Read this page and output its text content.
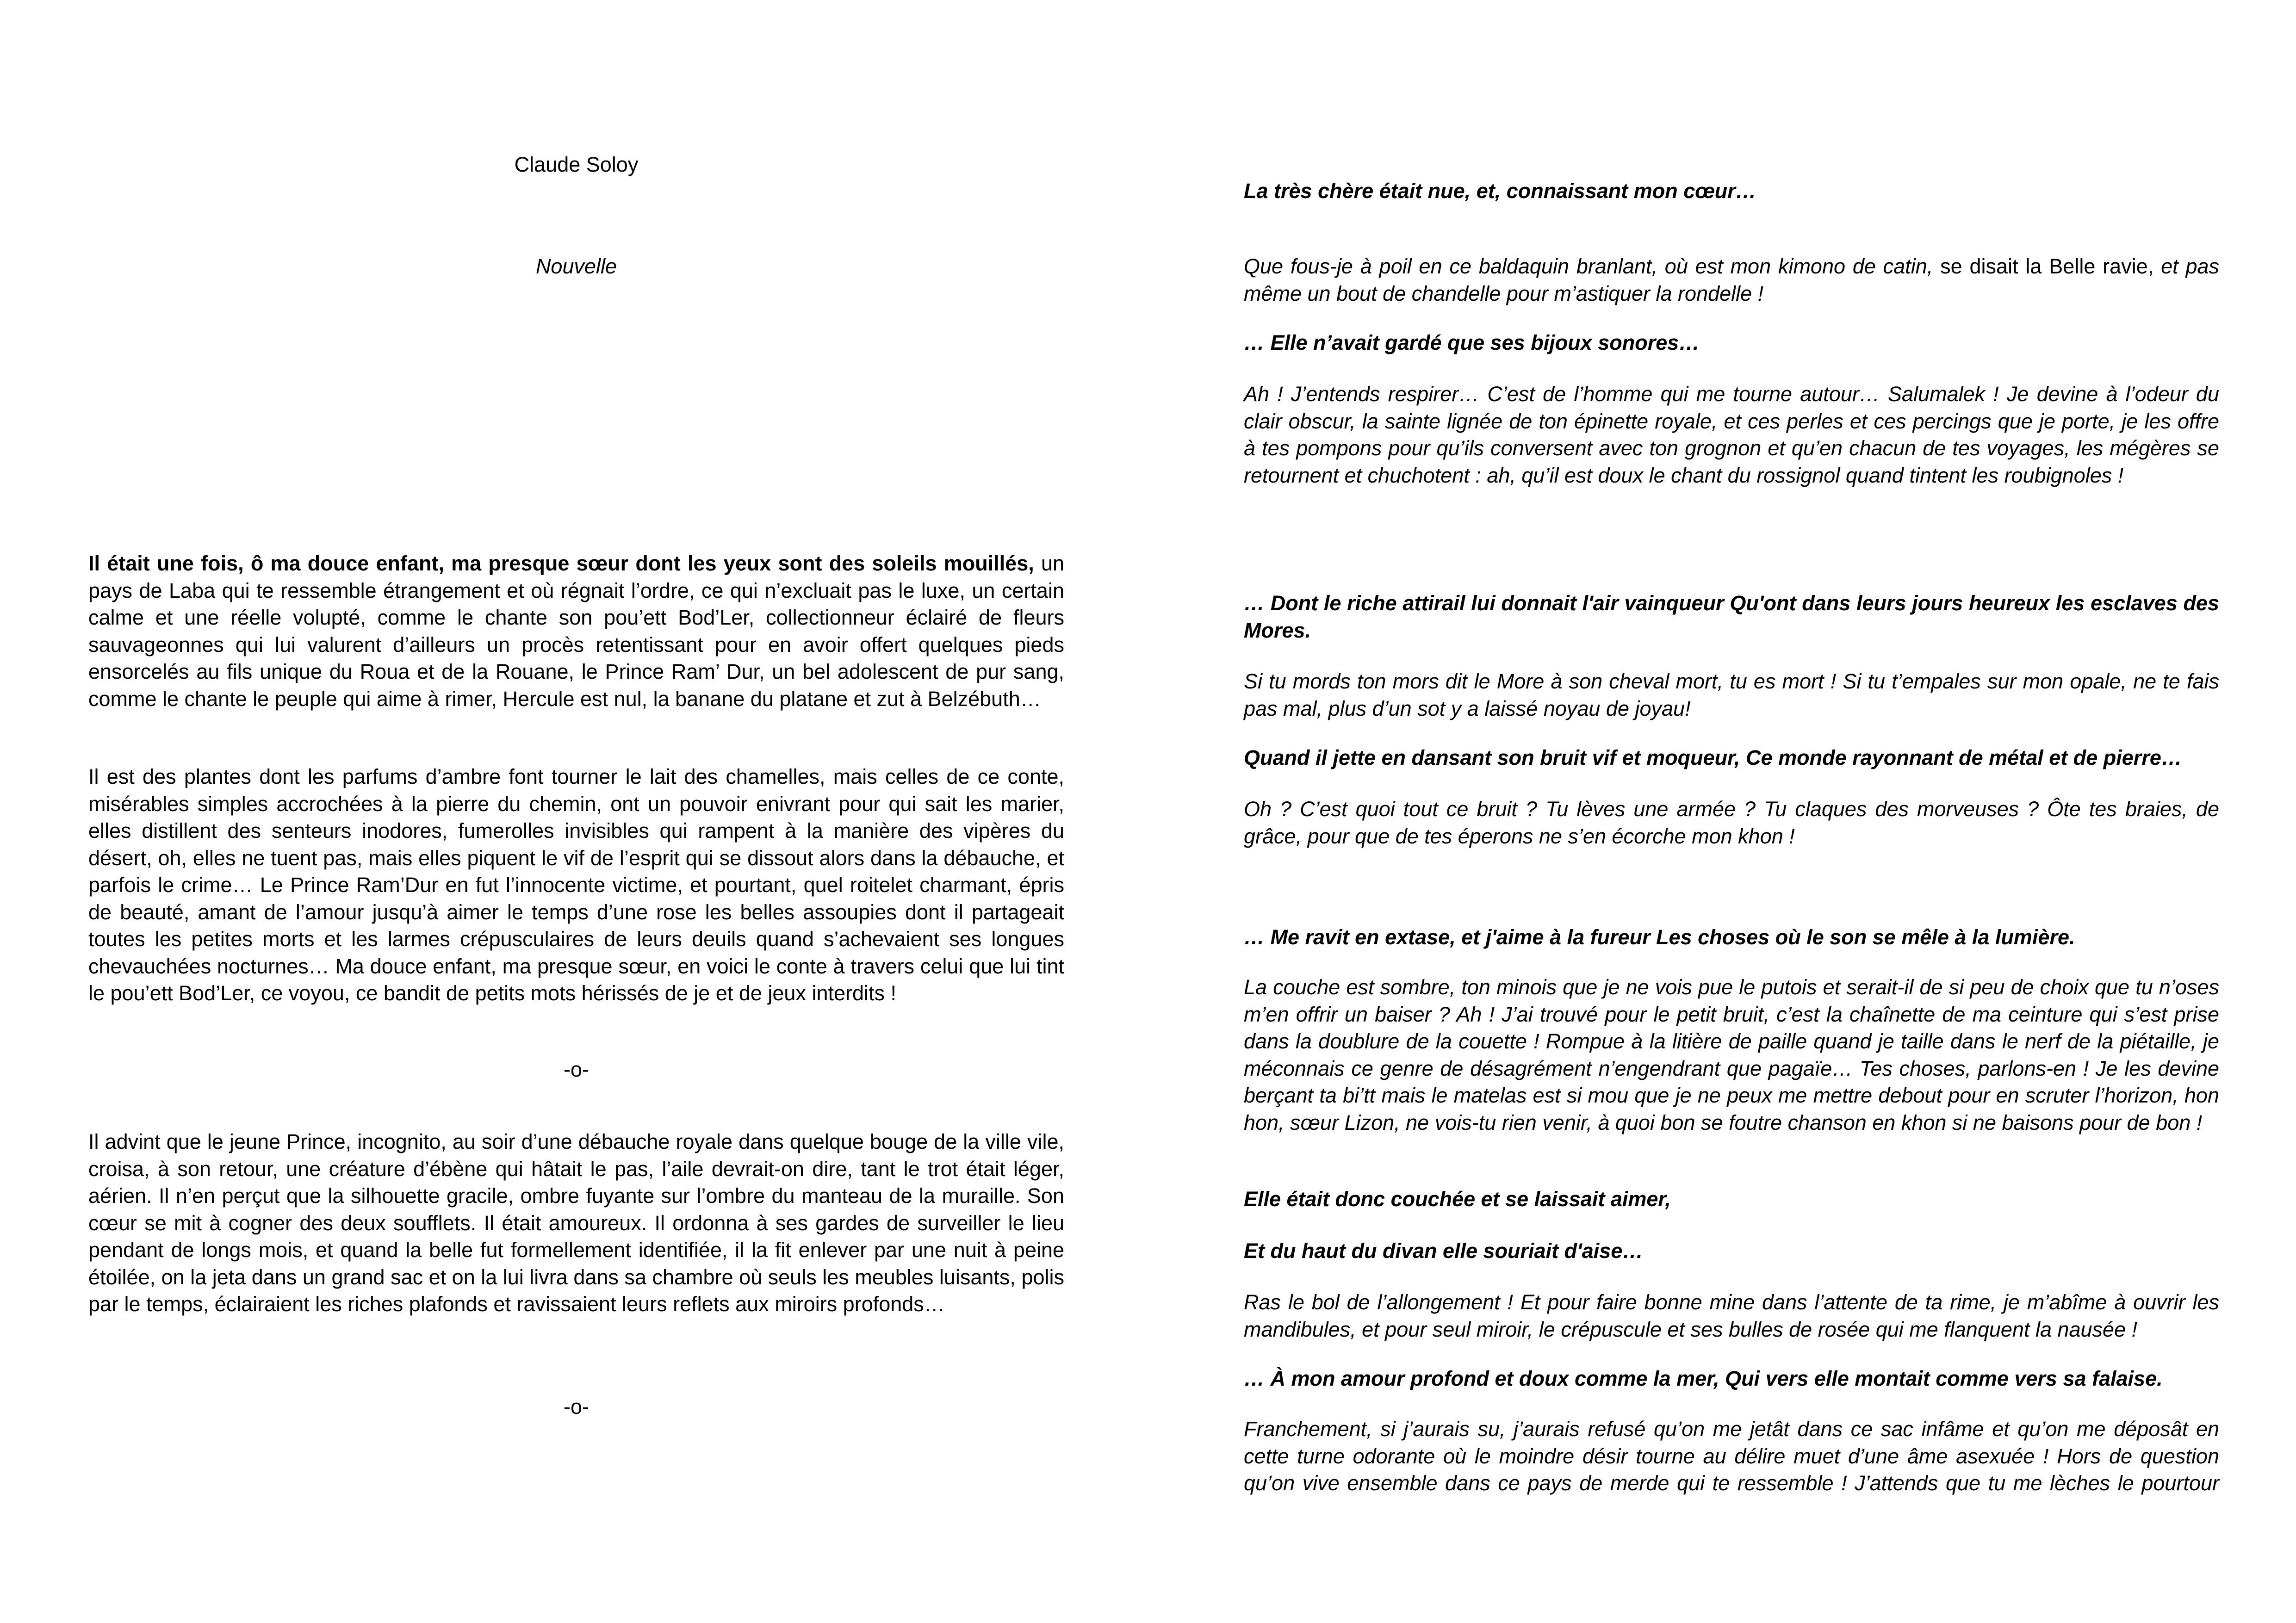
Claude Soloy

Nouvelle

Il était une fois, ô ma douce enfant, ma presque sœur dont les yeux sont des soleils mouillés, un pays de Laba qui te ressemble étrangement et où régnait l’ordre, ce qui n’excluait pas le luxe, un certain calme et une réelle volupté, comme le chante son pou’ett Bod’Ler, collectionneur éclairé de fleurs sauvageonnes qui lui valurent d’ailleurs un procès retentissant pour en avoir offert quelques pieds ensorcelés au fils unique du Roua et de la Rouane, le Prince Ram’ Dur, un bel adolescent de pur sang, comme le chante le peuple qui aime à rimer, Hercule est nul, la banane du platane et zut à Belzébuth…

Il est des plantes dont les parfums d’ambre font tourner le lait des chamelles, mais celles de ce conte, misérables simples accrochées à la pierre du chemin, ont un pouvoir enivrant pour qui sait les marier, elles distillent des senteurs inodores, fumerolles invisibles qui rampent à la manière des vipères du désert, oh, elles ne tuent pas, mais elles piquent le vif de l’esprit qui se dissout alors dans la débauche, et parfois le crime… Le Prince Ram’Dur en fut l’innocente victime, et pourtant, quel roitelet charmant, épris de beauté, amant de l’amour jusqu’à aimer le temps d’une rose les belles assoupies dont il partageait toutes les petites morts et les larmes crépusculaires de leurs deuils quand s’achevaient ses longues chevauchées nocturnes… Ma douce enfant, ma presque sœur, en voici le conte à travers celui que lui tint le pou’ett Bod’Ler, ce voyou, ce bandit de petits mots hérissés de je et de jeux interdits !

-o-

Il advint que le jeune Prince, incognito, au soir d’une débauche royale dans quelque bouge de la ville vile, croisa, à son retour, une créature d’ébène qui hâtait le pas, l’aile devrait-on dire, tant le trot était léger, aérien. Il n’en perçut que la silhouette gracile, ombre fuyante sur l’ombre du manteau de la muraille. Son cœur se mit à cogner des deux soufflets. Il était amoureux. Il ordonna à ses gardes de surveiller le lieu pendant de longs mois, et quand la belle fut formellement identifiée, il la fit enlever par une nuit à peine étoilée, on la jeta dans un grand sac et on la lui livra dans sa chambre où seuls les meubles luisants, polis par le temps, éclairaient les riches plafonds et ravissaient leurs reflets aux miroirs profonds…

-o-

La très chère était nue, et, connaissant mon cœur…

Que fous-je à poil en ce baldaquin branlant, où est mon kimono de catin, se disait la Belle ravie, et pas même un bout de chandelle pour m’astiquer la rondelle !

… Elle n’avait gardé que ses bijoux sonores…

Ah ! J’entends respirer… C’est de l’homme qui me tourne autour… Salumalek ! Je devine à l’odeur du clair obscur, la sainte lignée de ton épinette royale, et ces perles et ces percings que je porte, je les offre à tes pompons pour qu’ils conversent avec ton grognon et qu’en chacun de tes voyages, les mégères se retournent et chuchotent : ah, qu’il est doux le chant du rossignol quand tintent les roubignoles !

… Dont le riche attirail lui donnait l'air vainqueur Qu'ont dans leurs jours heureux les esclaves des Mores.

Si tu mords ton mors dit le More à son cheval mort, tu es mort ! Si tu t’empales sur mon opale, ne te fais pas mal, plus d’un sot y a laissé noyau de joyau!

Quand il jette en dansant son bruit vif et moqueur, Ce monde rayonnant de métal et de pierre…

Oh ? C’est quoi tout ce bruit ? Tu lèves une armée ? Tu claques des morveuses ? Ôte tes braies, de grâce, pour que de tes éperons ne s’en écorche mon khon !

… Me ravit en extase, et j'aime à la fureur Les choses où le son se mêle à la lumière.

La couche est sombre, ton minois que je ne vois pue le putois et serait-il de si peu de choix que tu n’oses m’en offrir un baiser ? Ah ! J’ai trouvé pour le petit bruit, c’est la chaînette de ma ceinture qui s’est prise dans la doublure de la couette ! Rompue à la litière de paille quand je taille dans le nerf de la piétaille, je méconnais ce genre de désagrément n’engendrant que pagaïe… Tes choses, parlons-en ! Je les devine berçant ta bi’tt mais le matelas est si mou que je ne peux me mettre debout pour en scruter l’horizon, hon hon, sœur Lizon, ne vois-tu rien venir, à quoi bon se foutre chanson en khon si ne baisons pour de bon !

Elle était donc couchée et se laissait aimer,

Et du haut du divan elle souriait d'aise…

Ras le bol de l’allongement ! Et pour faire bonne mine dans l’attente de ta rime, je m’abîme à ouvrir les mandibules, et pour seul miroir, le crépuscule et ses bulles de rosée qui me flanquent la nausée !

… À mon amour profond et doux comme la mer, Qui vers elle montait comme vers sa falaise.

Franchement, si j’aurais su, j’aurais refusé qu’on me jetât dans ce sac infâme et qu’on me déposât en cette turne odorante où le moindre désir tourne au délire muet d’une âme asexuée ! Hors de question qu’on vive ensemble dans ce pays de merde qui te ressemble ! J’attends que tu me lèches le pourtour
